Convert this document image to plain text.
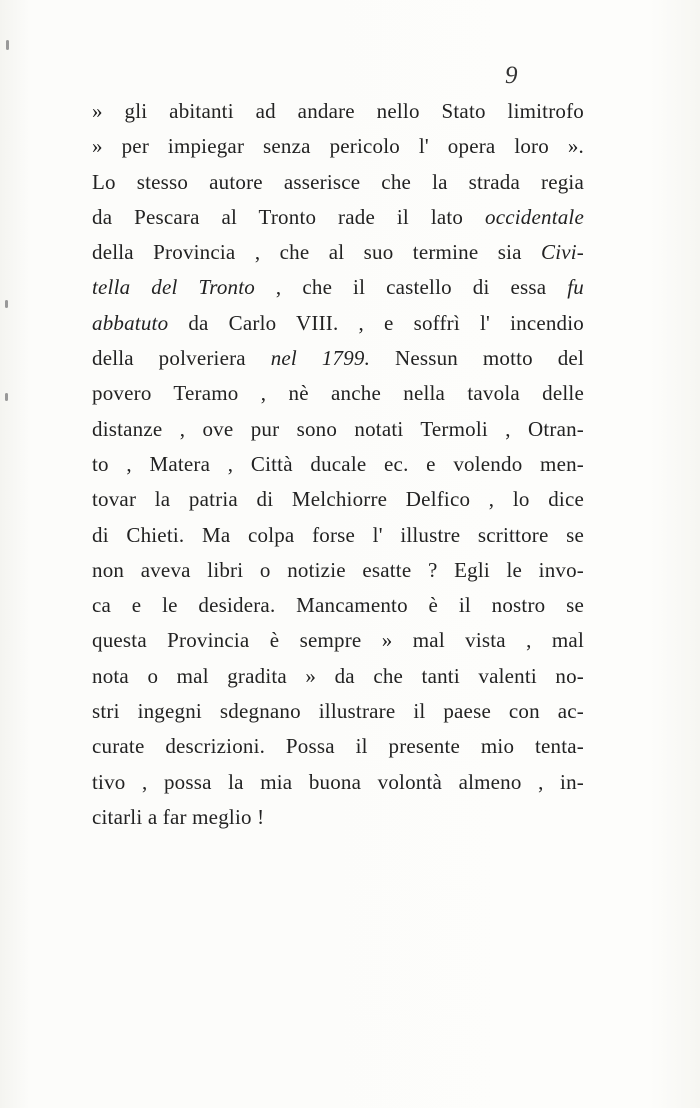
9
» gli abitanti ad andare nello Stato limitrofo
» per impiegar senza pericolo l' opera loro ».
Lo stesso autore asserisce che la strada regia
da Pescara al Tronto rade il lato occidentale
della Provincia , che al suo termine sia Civi-
tella del Tronto , che il castello di essa fu
abbatuto da Carlo VIII. , e soffrì l' incendio
della polveriera nel 1799. Nessun motto del
povero Teramo , nè anche nella tavola delle
distanze , ove pur sono notati Termoli , Otran-
to , Matera , Città ducale ec. e volendo men-
tovar la patria di Melchiorre Delfico , lo dice
di Chieti. Ma colpa forse l' illustre scrittore se
non aveva libri o notizie esatte ? Egli le invo-
ca e le desidera. Mancamento è il nostro se
questa Provincia è sempre » mal vista , mal
nota o mal gradita » da che tanti valenti no-
stri ingegni sdegnano illustrare il paese con ac-
curate descrizioni. Possa il presente mio tenta-
tivo , possa la mia buona volontà almeno , in-
citarli a far meglio !
